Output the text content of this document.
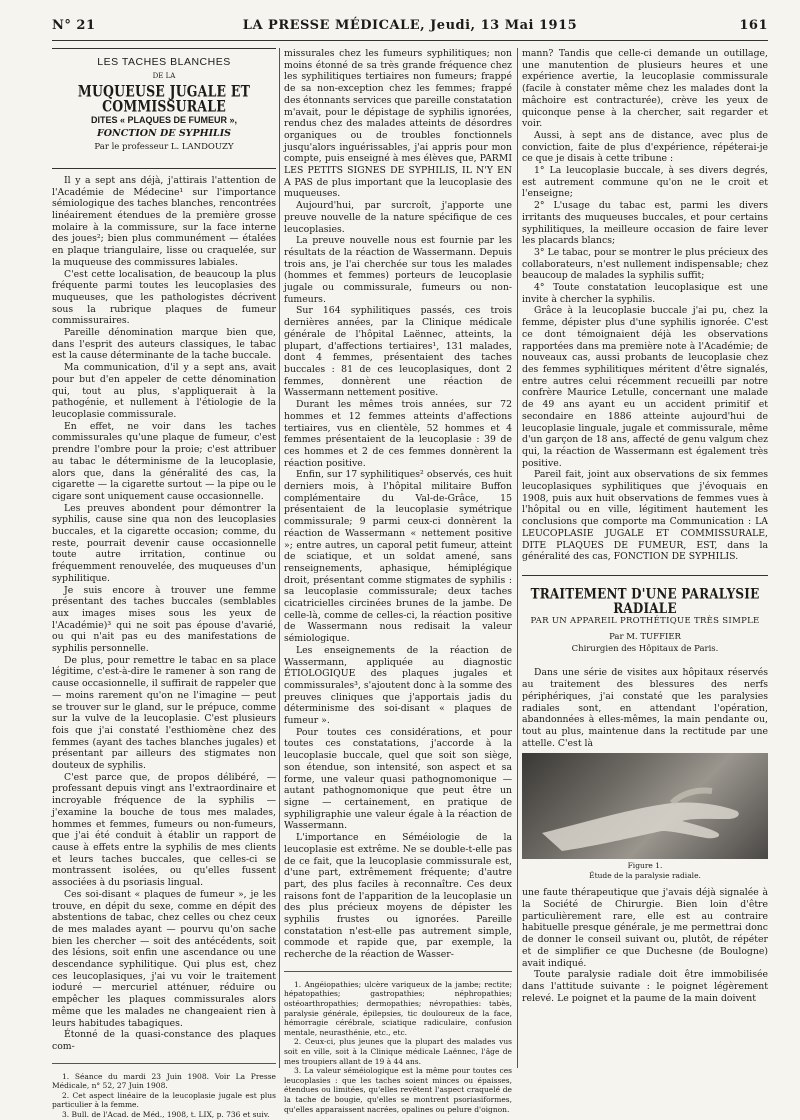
N° 21	LA PRESSE MÉDICALE, Jeudi, 13 Mai 1915	161
LES TACHES BLANCHES
DE LA
MUQUEUSE JUGALE ET COMMISSURALE
DITES « PLAQUES DE FUMEUR »,
FONCTION DE SYPHILIS
Par le professeur L. LANDOUZY

Il y a sept ans déjà, j'attirais l'attention de l'Académie de Médecine¹ sur l'importance sémiologique des taches blanches, rencontrées linéairement étendues de la première grosse molaire à la commissure, sur la face interne des joues²; bien plus communément — étalées en plaque triangulaire, lisse ou craquelée, sur la muqueuse des commissures labiales.

C'est cette localisation, de beaucoup la plus fréquente parmi toutes les leucoplasies des muqueuses, que les pathologistes décrivent sous la rubrique plaques de fumeur commissuraires.

Pareille dénomination marque bien que, dans l'esprit des auteurs classiques, le tabac est la cause déterminante de la tache buccale.

Ma communication, d'il y a sept ans, avait pour but d'en appeler de cette dénomination qui, tout au plus, s'appliquerait à la pathogénie, et nullement à l'étiologie de la leucoplasie commissurale.

En effet, ne voir dans les taches commissurales qu'une plaque de fumeur, c'est prendre l'ombre pour la proie; c'est attribuer au tabac le déterminisme de la leucoplasie, alors que, dans la généralité des cas, la cigarette — la cigarette surtout — la pipe ou le cigare sont uniquement cause occasionnelle.

Les preuves abondent pour démontrer la syphilis, cause sine qua non des leucoplasies buccales, et la cigarette occasion; comme, du reste, pourrait devenir cause occasionnelle toute autre irritation, continue ou fréquemment renouvelée, des muqueuses d'un syphilitique.

Je suis encore à trouver une femme présentant des taches buccales (semblables aux images mises sous les yeux de l'Académie)³ qui ne soit pas épouse d'avarié, ou qui n'ait pas eu des manifestations de syphilis personnelle.

De plus, pour remettre le tabac en sa place légitime, c'est-à-dire le ramener à son rang de cause occasionnelle, il suffirait de rappeler que — moins rarement qu'on ne l'imagine — peut se trouver sur le gland, sur le prépuce, comme sur la vulve de la leucoplasie. C'est plusieurs fois que j'ai constaté l'esthiomène chez des femmes (ayant des taches blanches jugales) et présentant par ailleurs des stigmates non douteux de syphilis.

C'est parce que, de propos délibéré, — professant depuis vingt ans l'extraordinaire et incroyable fréquence de la syphilis — j'examine la bouche de tous mes malades, hommes et femmes, fumeurs ou non-fumeurs, que j'ai été conduit à établir un rapport de cause à effets entre la syphilis de mes clients et leurs taches buccales, que celles-ci se montrassent isolées, ou qu'elles fussent associées à du psoriasis lingual.

Ces soi-disant « plaques de fumeur », je les trouve, en dépit du sexe, comme en dépit des abstentions de tabac, chez celles ou chez ceux de mes malades ayant — pourvu qu'on sache bien les chercher — soit des antécédents, soit des lésions, soit enfin une ascendance ou une descendance syphilitique. Qui plus est, chez ces leucoplasiques, j'ai vu voir le traitement ioduré — mercuriel atténuer, réduire ou empêcher les plaques commissurales alors même que les malades ne changeaient rien à leurs habitudes tabagiques.

Étonné de la quasi-constance des plaques com-

1. Séance du mardi 23 Juin 1908. Voir La Presse Médicale, n° 52, 27 Juin 1908.

2. Cet aspect linéaire de la leucoplasie jugale est plus particulier à la femme.

3. Bull. de l'Acad. de Méd., 1908, t. LIX, p. 736 et suiv.

missurales chez les fumeurs syphilitiques; non moins étonné de sa très grande fréquence chez les syphilitiques tertiaires non fumeurs; frappé de sa non-exception chez les femmes; frappé des étonnants services que pareille constatation m'avait, pour le dépistage de syphilis ignorées, rendus chez des malades atteints de désordres organiques ou de troubles fonctionnels jusqu'alors inguérissables, j'ai appris pour mon compte, puis enseigné à mes élèves que, PARMI LES PETITS SIGNES DE SYPHILIS, IL N'Y EN A PAS de plus important que la leucoplasie des muqueuses.

Aujourd'hui, par surcroît, j'apporte une preuve nouvelle de la nature spécifique de ces leucoplasies.

La preuve nouvelle nous est fournie par les résultats de la réaction de Wassermann. Depuis trois ans, je l'ai cherchée sur tous les malades (hommes et femmes) porteurs de leucoplasie jugale ou commissurale, fumeurs ou non-fumeurs.

Sur 164 syphilitiques passés, ces trois dernières années, par la Clinique médicale générale de l'hôpital Laënnec, atteints, la plupart, d'affections tertiaires¹, 131 malades, dont 4 femmes, présentaient des taches buccales : 81 de ces leucoplasiques, dont 2 femmes, donnèrent une réaction de Wassermann nettement positive.

Durant les mêmes trois années, sur 72 hommes et 12 femmes atteints d'affections tertiaires, vus en clientèle, 52 hommes et 4 femmes présentaient de la leucoplasie : 39 de ces hommes et 2 de ces femmes donnèrent la réaction positive.

Enfin, sur 17 syphilitiques² observés, ces huit derniers mois, à l'hôpital militaire Buffon complémentaire du Val-de-Grâce, 15 présentaient de la leucoplasie symétrique commissurale; 9 parmi ceux-ci donnèrent la réaction de Wassermann « nettement positive »; entre autres, un caporal petit fumeur, atteint de sciatique, et un soldat amené, sans renseignements, aphasique, hémiplégique droit, présentant comme stigmates de syphilis : sa leucoplasie commissurale; deux taches cicatricielles circinées brunes de la jambe. De celle-là, comme de celles-ci, la réaction positive de Wassermann nous redisait la valeur sémiologique.

Les enseignements de la réaction de Wassermann, appliquée au diagnostic ÉTIOLOGIQUE des plaques jugales et commissurales³, s'ajoutent donc à la somme des preuves cliniques que j'apportais jadis du déterminisme des soi-disant « plaques de fumeur ».

Pour toutes ces considérations, et pour toutes ces constatations, j'accorde à la leucoplasie buccale, quel que soit son siège, son étendue, son intensité, son aspect et sa forme, une valeur quasi pathognomonique — autant pathognomonique que peut être un signe — certainement, en pratique de syphiligraphie une valeur égale à la réaction de Wassermann.

L'importance en Séméiologie de la leucoplasie est extrême. Ne se double-t-elle pas de ce fait, que la leucoplasie commissurale est, d'une part, extrêmement fréquente; d'autre part, des plus faciles à reconnaître. Ces deux raisons font de l'apparition de la leucoplasie un des plus précieux moyens de dépister les syphilis frustes ou ignorées. Pareille constatation n'est-elle pas autrement simple, commode et rapide que, par exemple, la recherche de la réaction de Wasser-

1. Angéiopathies; ulcère variqueux de la jambe; rectite; hépatopathies; gastropathies; néphropathies; ostéoarthropathies; dermopathies; névropathies: tabès, paralysie générale, épilepsies, tic douloureux de la face, hémorragie cérébrale, sciatique radiculaire, confusion mentale, neurasthénie, etc., etc.

2. Ceux-ci, plus jeunes que la plupart des malades vus soit en ville, soit à la Clinique médicale Laënnec, l'âge de mes troupiers allant de 19 à 44 ans.

3. La valeur séméiologique est la même pour toutes ces leucoplasies : que les taches soient minces ou épaisses, étendues ou limitées, qu'elles revêtent l'aspect craquelé de la tache de bougie, qu'elles se montrent psoriasiformes, qu'elles apparaissent nacrées, opalines ou pelure d'oignon.

mann? Tandis que celle-ci demande un outillage, une manutention de plusieurs heures et une expérience avertie, la leucoplasie commissurale (facile à constater même chez les malades dont la mâchoire est contracturée), crève les yeux de quiconque pense à la chercher, sait regarder et voir.

Aussi, à sept ans de distance, avec plus de conviction, faite de plus d'expérience, répéterai-je ce que je disais à cette tribune :

1° La leucoplasie buccale, à ses divers degrés, est autrement commune qu'on ne le croit et l'enseigne;

2° L'usage du tabac est, parmi les divers irritants des muqueuses buccales, et pour certains syphilitiques, la meilleure occasion de faire lever les placards blancs;

3° Le tabac, pour se montrer le plus précieux des collaborateurs, n'est nullement indispensable; chez beaucoup de malades la syphilis suffit;

4° Toute constatation leucoplasique est une invite à chercher la syphilis.

Grâce à la leucoplasie buccale j'ai pu, chez la femme, dépister plus d'une syphilis ignorée. C'est ce dont témoignaient déjà les observations rapportées dans ma première note à l'Académie; de nouveaux cas, aussi probants de leucoplasie chez des femmes syphilitiques méritent d'être signalés, entre autres celui récemment recueilli par notre confrère Maurice Letulle, concernant une malade de 49 ans ayant eu un accident primitif et secondaire en 1886 atteinte aujourd'hui de leucoplasie linguale, jugale et commissurale, même d'un garçon de 18 ans, affecté de genu valgum chez qui, la réaction de Wassermann est également très positive.

Pareil fait, joint aux observations de six femmes leucoplasiques syphilitiques que j'évoquais en 1908, puis aux huit observations de femmes vues à l'hôpital ou en ville, légitiment hautement les conclusions que comporte ma Communication : LA LEUCOPLASIE JUGALE ET COMMISSURALE, DITE PLAQUES DE FUMEUR, EST, dans la généralité des cas, FONCTION DE SYPHILIS.

TRAITEMENT D'UNE PARALYSIE RADIALE
PAR UN APPAREIL PROTHÉTIQUE TRÈS SIMPLE
Par M. TUFFIER
Chirurgien des Hôpitaux de Paris.

Dans une série de visites aux hôpitaux réservés au traitement des blessures des nerfs périphériques, j'ai constaté que les paralysies radiales sont, en attendant l'opération, abandonnées à elles-mêmes, la main pendante ou, tout au plus, maintenue dans la rectitude par une attelle. C'est là

Figure 1.
Étude de la paralysie radiale.

une faute thérapeutique que j'avais déjà signalée à la Société de Chirurgie. Bien loin d'être particulièrement rare, elle est au contraire habituelle presque générale, je me permettrai donc de donner le conseil suivant ou, plutôt, de répéter et de simplifier ce que Duchesne (de Boulogne) avait indiqué.

Toute paralysie radiale doit être immobilisée dans l'attitude suivante : le poignet légèrement relevé. Le poignet et la paume de la main doivent
